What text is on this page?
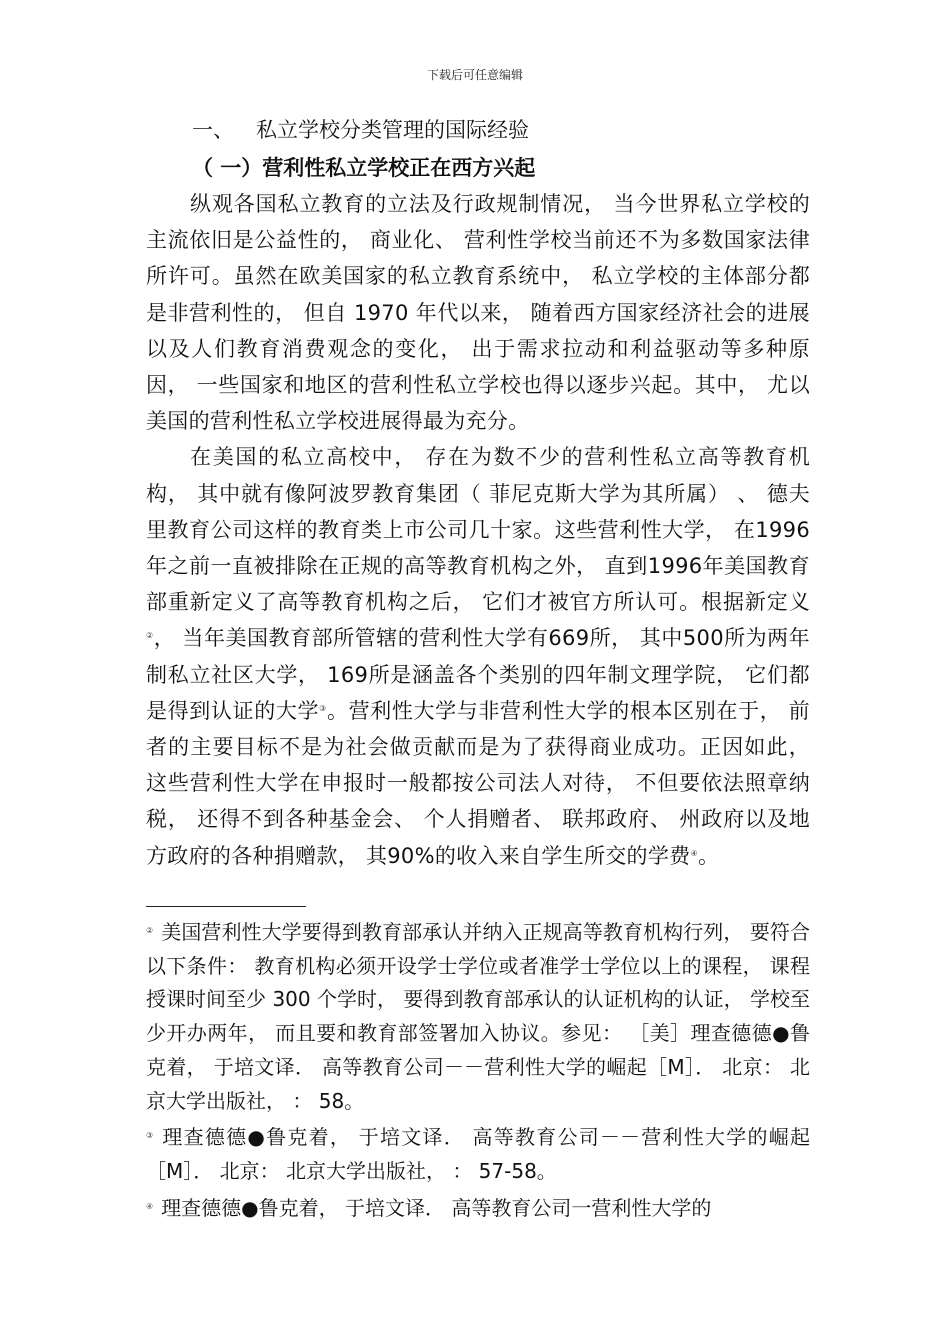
下载后可任意编辑
一、 私立学校分类管理的国际经验
（ 一）营利性私立学校正在西方兴起

纵观各国私立教育的立法及行政规制情况， 当今世界私立学校的主流依旧是公益性的， 商业化、 营利性学校当前还不为多数国家法律所许可。虽然在欧美国家的私立教育系统中， 私立学校的主体部分都是非营利性的， 但自 1970 年代以来， 随着西方国家经济社会的进展以及人们教育消费观念的变化， 出于需求拉动和利益驱动等多种原因， 一些国家和地区的营利性私立学校也得以逐步兴起。其中， 尤以美国的营利性私立学校进展得最为充分。

在美国的私立高校中， 存在为数不少的营利性私立高等教育机构， 其中就有像阿波罗教育集团（ 菲尼克斯大学为其所属） 、 德夫里教育公司这样的教育类上市公司几十家。这些营利性大学， 在1996年之前一直被排除在正规的高等教育机构之外， 直到1996年美国教育部重新定义了高等教育机构之后， 它们才被官方所认可。根据新定义②， 当年美国教育部所管辖的营利性大学有669所， 其中500所为两年制私立社区大学， 169所是涵盖各个类别的四年制文理学院， 它们都是得到认证的大学③。营利性大学与非营利性大学的根本区别在于， 前者的主要目标不是为社会做贡献而是为了获得商业成功。正因如此， 这些营利性大学在申报时一般都按公司法人对待， 不但要依法照章纳税， 还得不到各种基金会、 个人捐赠者、 联邦政府、 州政府以及地方政府的各种捐赠款， 其90%的收入来自学生所交的学费④。

② 美国营利性大学要得到教育部承认并纳入正规高等教育机构行列， 要符合以下条件： 教育机构必须开设学士学位或者准学士学位以上的课程， 课程授课时间至少 300 个学时， 要得到教育部承认的认证机构的认证， 学校至少开办两年， 而且要和教育部签署加入协议。参见： ［美］理查德德●鲁克着， 于培文译． 高等教育公司－－营利性大学的崛起［M］． 北京： 北京大学出版社， ： 58。

③ 理查德德●鲁克着， 于培文译． 高等教育公司－－营利性大学的崛起［M］． 北京： 北京大学出版社， ： 57-58。

④ 理查德德●鲁克着， 于培文译． 高等教育公司一营利性大学的
